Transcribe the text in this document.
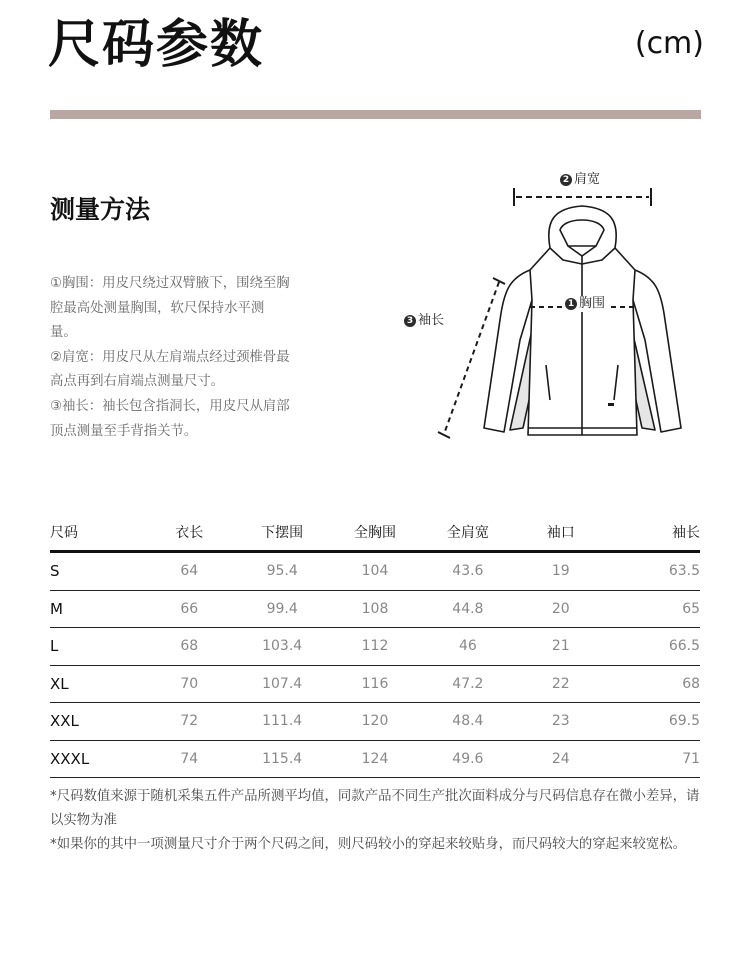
尺码参数	(cm)
测量方法

①胸围：用皮尺绕过双臂腋下，围绕至胸腔最高处测量胸围，软尺保持水平测量。

②肩宽：用皮尺从左肩端点经过颈椎骨最高点再到右肩端点测量尺寸。

③袖长：袖长包含指洞长，用皮尺从肩部顶点测量至手背指关节。

2 肩宽
1 胸围
3 袖长
尺码	衣长	下摆围	全胸围	全肩宽	袖口	袖长
S	64	95.4	104	43.6	19	63.5
M	66	99.4	108	44.8	20	65
L	68	103.4	112	46	21	66.5
XL	70	107.4	116	47.2	22	68
XXL	72	111.4	120	48.4	23	69.5
XXXL	74	115.4	124	49.6	24	71

*尺码数值来源于随机采集五件产品所测平均值，同款产品不同生产批次面料成分与尺码信息存在微小差异，请以实物为准

*如果你的其中一项测量尺寸介于两个尺码之间，则尺码较小的穿起来较贴身，而尺码较大的穿起来较宽松。
